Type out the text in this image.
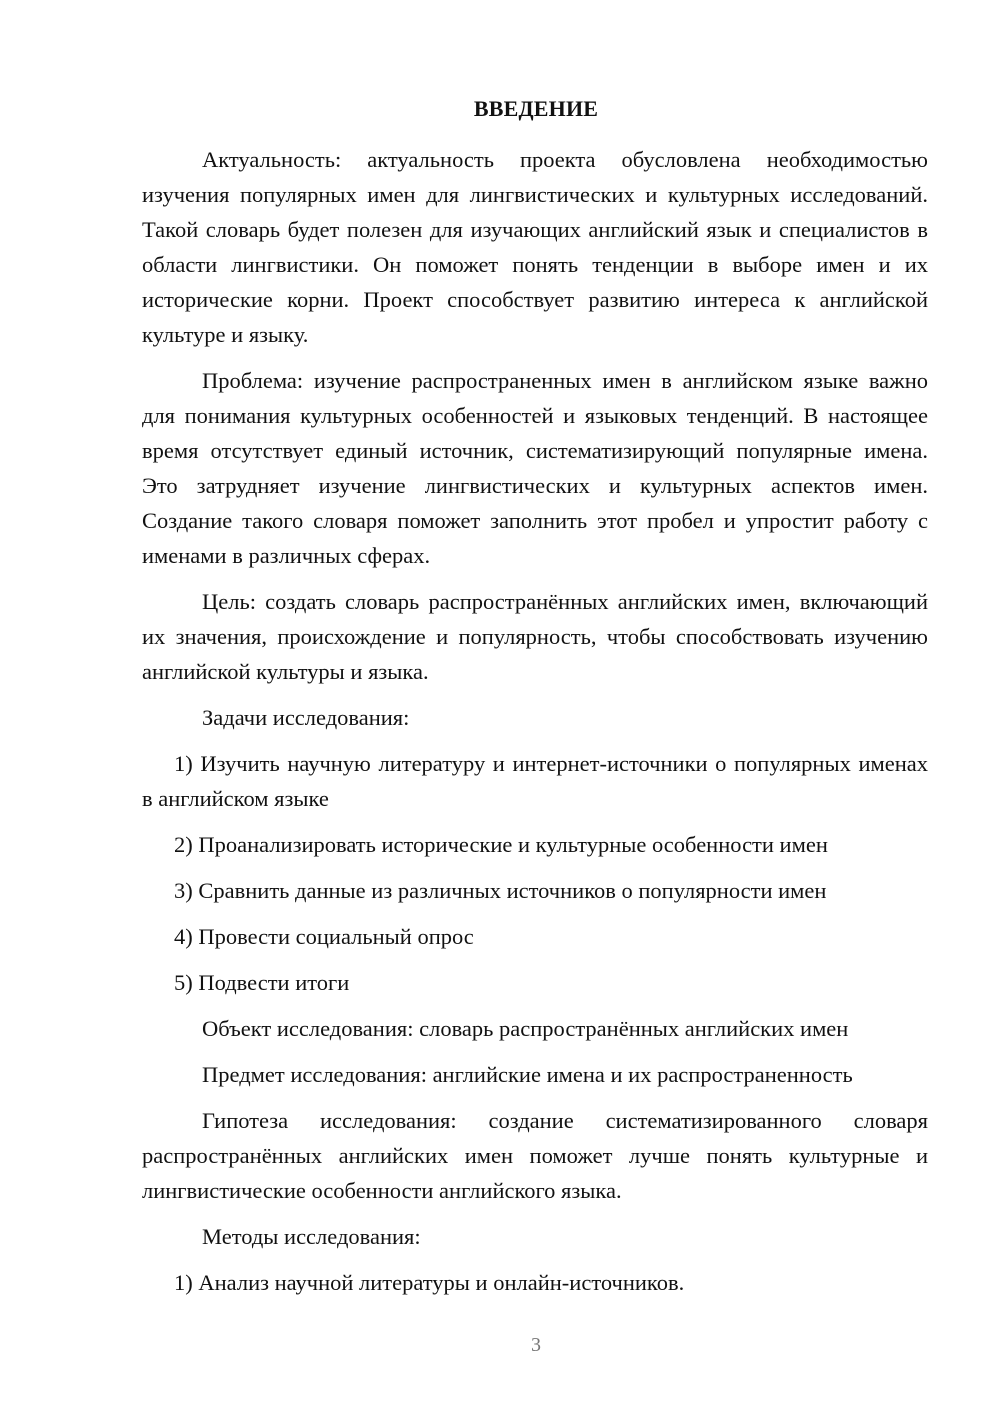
ВВЕДЕНИЕ

Актуальность: актуальность проекта обусловлена необходимостью изучения популярных имен для лингвистических и культурных исследований. Такой словарь будет полезен для изучающих английский язык и специалистов в области лингвистики. Он поможет понять тенденции в выборе имен и их исторические корни. Проект способствует развитию интереса к английской культуре и языку.

Проблема: изучение распространенных имен в английском языке важно для понимания культурных особенностей и языковых тенденций. В настоящее время отсутствует единый источник, систематизирующий популярные имена. Это затрудняет изучение лингвистических и культурных аспектов имен. Создание такого словаря поможет заполнить этот пробел и упростит работу с именами в различных сферах.

Цель: создать словарь распространённых английских имен, включающий их значения, происхождение и популярность, чтобы способствовать изучению английской культуры и языка.

Задачи исследования:

1) Изучить научную литературу и интернет-источники о популярных именах в английском языке

2) Проанализировать исторические и культурные особенности имен

3) Сравнить данные из различных источников о популярности имен

4) Провести социальный опрос

5) Подвести итоги

Объект исследования: словарь распространённых английских имен

Предмет исследования: английские имена и их распространенность

Гипотеза исследования: создание систематизированного словаря распространённых английских имен поможет лучше понять культурные и лингвистические особенности английского языка.

Методы исследования:

1) Анализ научной литературы и онлайн-источников.

3
